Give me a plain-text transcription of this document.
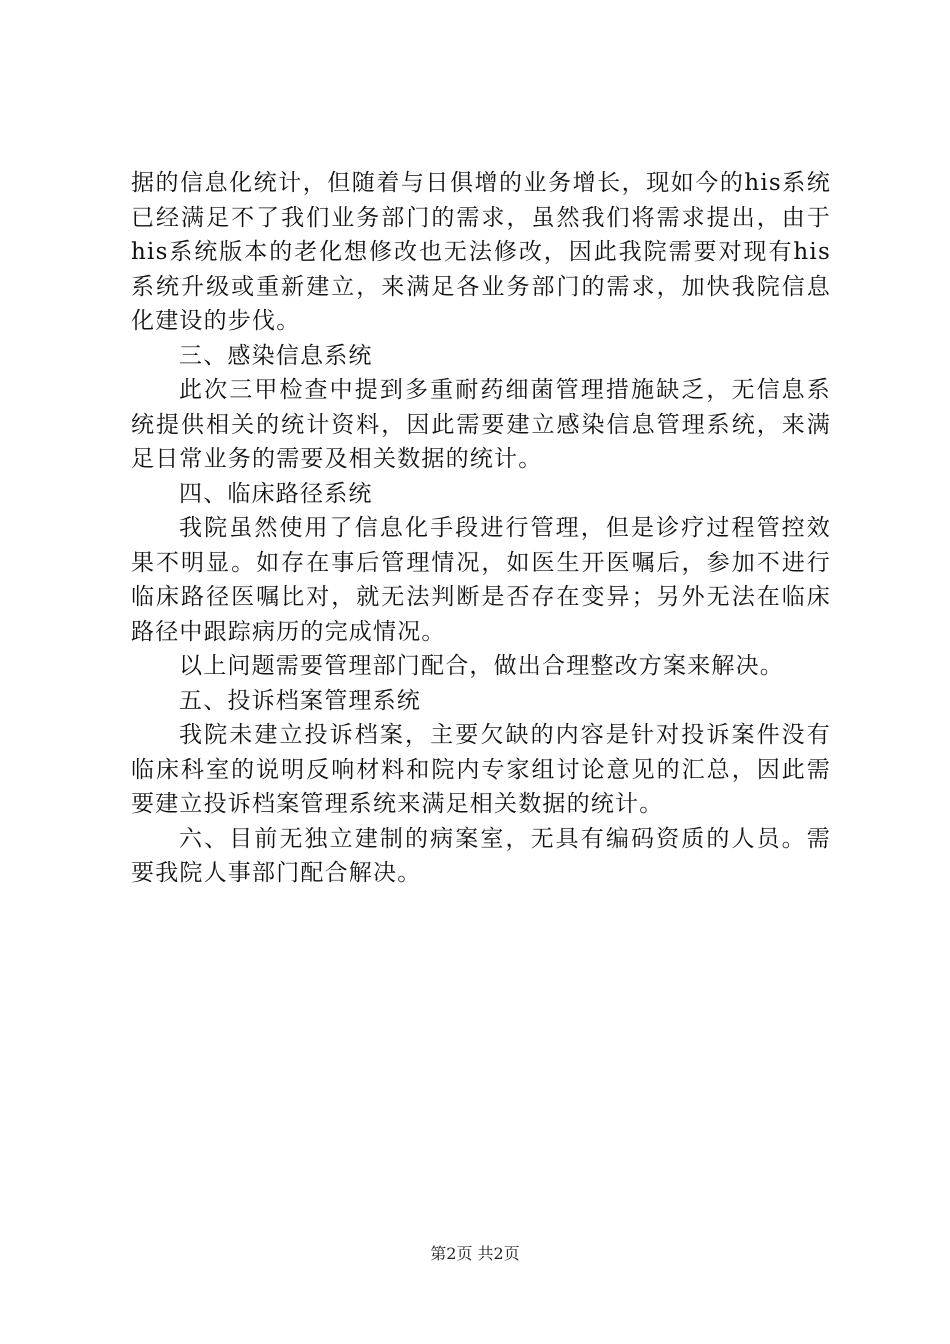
据的信息化统计，但随着与日俱增的业务增长，现如今的his系统已经满足不了我们业务部门的需求，虽然我们将需求提出，由于his系统版本的老化想修改也无法修改，因此我院需要对现有his系统升级或重新建立，来满足各业务部门的需求，加快我院信息化建设的步伐。

三、感染信息系统

此次三甲检查中提到多重耐药细菌管理措施缺乏，无信息系统提供相关的统计资料，因此需要建立感染信息管理系统，来满足日常业务的需要及相关数据的统计。

四、临床路径系统

我院虽然使用了信息化手段进行管理，但是诊疗过程管控效果不明显。如存在事后管理情况，如医生开医嘱后，参加不进行临床路径医嘱比对，就无法判断是否存在变异；另外无法在临床路径中跟踪病历的完成情况。

以上问题需要管理部门配合，做出合理整改方案来解决。

五、投诉档案管理系统

我院未建立投诉档案，主要欠缺的内容是针对投诉案件没有临床科室的说明反响材料和院内专家组讨论意见的汇总，因此需要建立投诉档案管理系统来满足相关数据的统计。

六、目前无独立建制的病案室，无具有编码资质的人员。需要我院人事部门配合解决。

第2页 共2页
